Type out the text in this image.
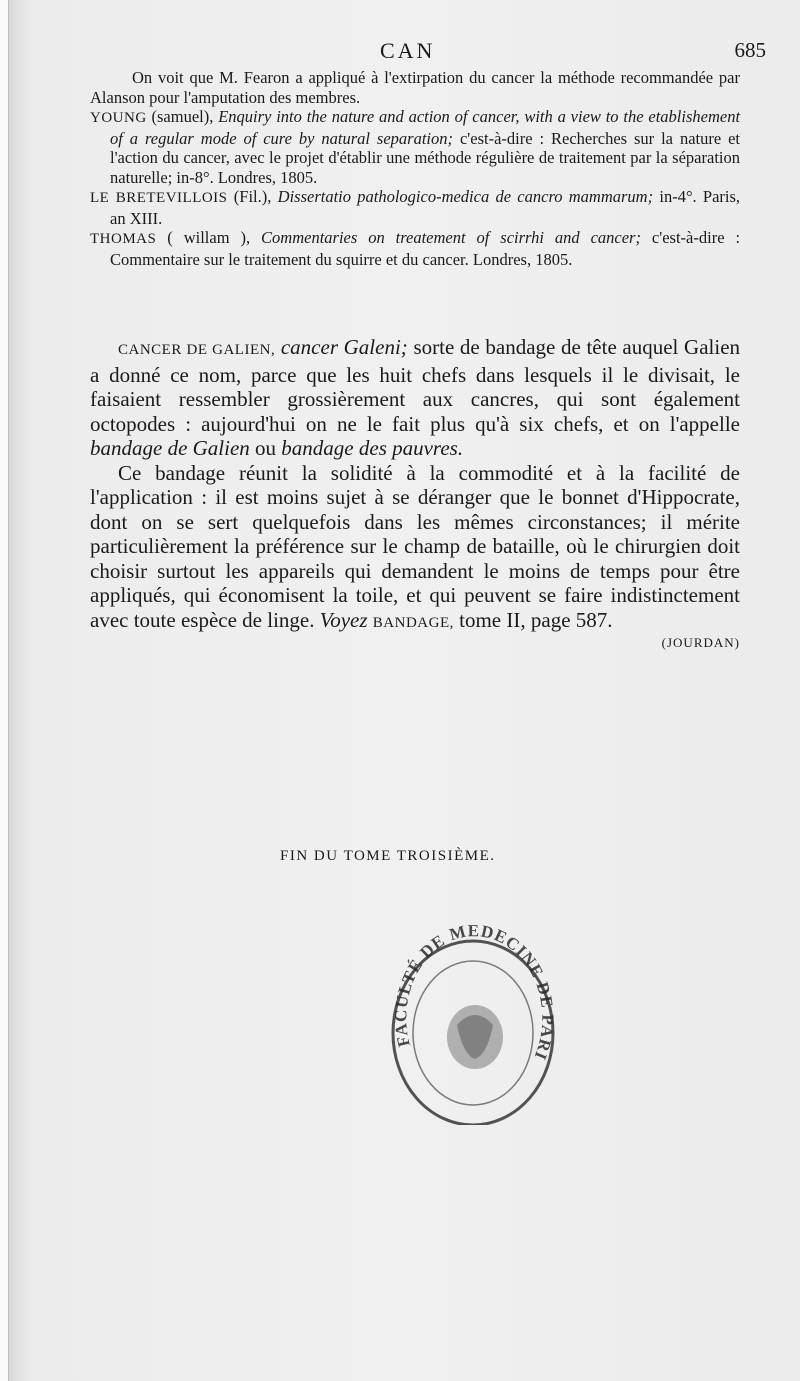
CAN	685

On voit que M. Fearon a appliqué à l'extirpation du cancer la méthode recommandée par Alanson pour l'amputation des membres.

YOUNG (samuel), Enquiry into the nature and action of cancer, with a view to the etablishement of a regular mode of cure by natural separation; c'est-à-dire : Recherches sur la nature et l'action du cancer, avec le projet d'établir une méthode régulière de traitement par la séparation naturelle; in-8°. Londres, 1805.

LE BRETEVILLOIS (Fil.), Dissertatio pathologico-medica de cancro mammarum; in-4°. Paris, an XIII.

THOMAS ( willam ), Commentaries on treatement of scirrhi and cancer; c'est-à-dire : Commentaire sur le traitement du squirre et du cancer. Londres, 1805.

CANCER DE GALIEN, cancer Galeni; sorte de bandage de tête auquel Galien a donné ce nom, parce que les huit chefs dans lesquels il le divisait, le faisaient ressembler grossièrement aux cancres, qui sont également octopodes : aujourd'hui on ne le fait plus qu'à six chefs, et on l'appelle bandage de Galien ou bandage des pauvres.

Ce bandage réunit la solidité à la commodité et à la facilité de l'application : il est moins sujet à se déranger que le bonnet d'Hippocrate, dont on se sert quelquefois dans les mêmes circonstances; il mérite particulièrement la préférence sur le champ de bataille, où le chirurgien doit choisir surtout les appareils qui demandent le moins de temps pour être appliqués, qui économisent la toile, et qui peuvent se faire indistinctement avec toute espèce de linge. Voyez BANDAGE, tome II, page 587.

(JOURDAN)
FIN DU TOME TROISIÈME.
FACULTÉ DE MÉDECINE DE PARI
